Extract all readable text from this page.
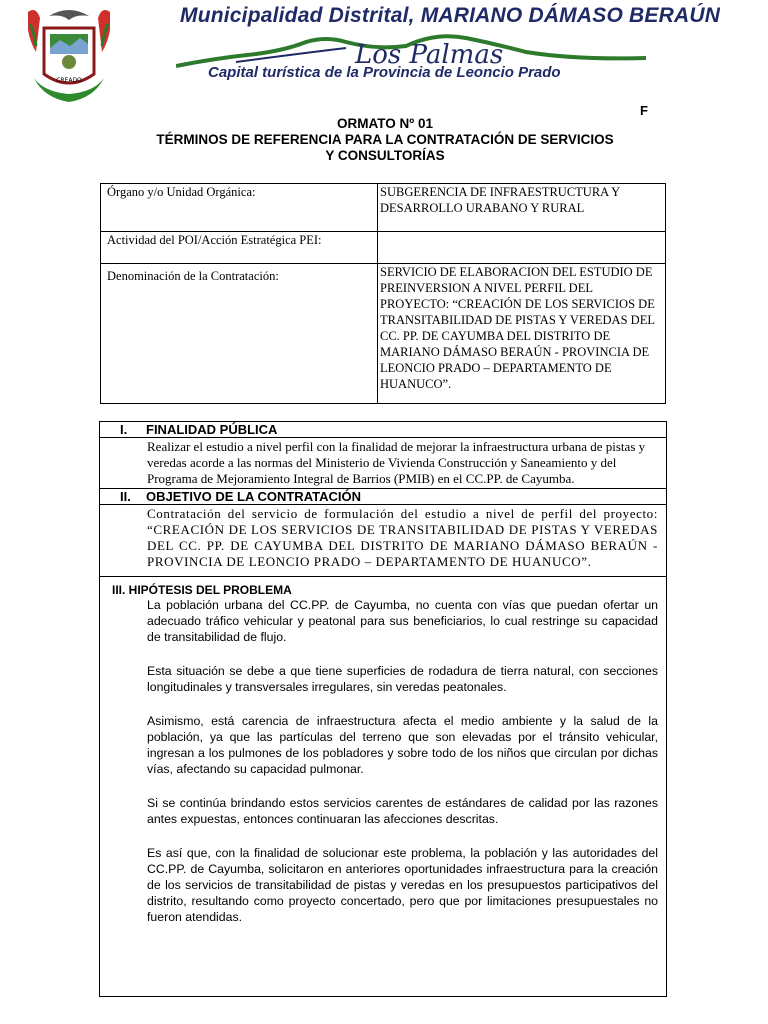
CREADO
Municipalidad Distrital, MARIANO DÁMASO BERAÚN
Los Palmas
Capital turística de la Provincia de Leoncio Prado
F
ORMATO Nº 01
TÉRMINOS DE REFERENCIA PARA LA CONTRATACIÓN DE SERVICIOS
Y CONSULTORÍAS
Órgano y/o Unidad Orgánica:	SUBGERENCIA DE INFRAESTRUCTURA Y DESARROLLO URABANO Y RURAL
Actividad del POI/Acción Estratégica PEI:	
Denominación de la Contratación:	SERVICIO DE ELABORACION DEL ESTUDIO DE PREINVERSION A NIVEL PERFIL DEL PROYECTO: “CREACIÓN DE LOS SERVICIOS DE TRANSITABILIDAD DE PISTAS Y VEREDAS DEL CC. PP. DE CAYUMBA DEL DISTRITO DE MARIANO DÁMASO BERAÚN - PROVINCIA DE LEONCIO PRADO – DEPARTAMENTO DE HUANUCO”.
I.	FINALIDAD PÚBLICA
Realizar el estudio a nivel perfil con la finalidad de mejorar la infraestructura urbana de pistas y veredas acorde a las normas del Ministerio de Vivienda Construcción y Saneamiento y del Programa de Mejoramiento Integral de Barrios (PMIB) en el CC.PP. de Cayumba.
II.	OBJETIVO DE LA CONTRATACIÓN
Contratación del servicio de formulación del estudio a nivel de perfil del proyecto: “CREACIÓN DE LOS SERVICIOS DE TRANSITABILIDAD DE PISTAS Y VEREDAS DEL CC. PP. DE CAYUMBA DEL DISTRITO DE MARIANO DÁMASO BERAÚN - PROVINCIA DE LEONCIO PRADO – DEPARTAMENTO DE HUANUCO”.
III. HIPÓTESIS DEL PROBLEMA

La población urbana del CC.PP. de Cayumba, no cuenta con vías que puedan ofertar un adecuado tráfico vehicular y peatonal para sus beneficiarios, lo cual restringe su capacidad de transitabilidad de flujo.

Esta situación se debe a que tiene superficies de rodadura de tierra natural, con secciones longitudinales y transversales irregulares, sin veredas peatonales.

Asimismo, está carencia de infraestructura afecta el medio ambiente y la salud de la población, ya que las partículas del terreno que son elevadas por el tránsito vehicular, ingresan a los pulmones de los pobladores y sobre todo de los niños que circulan por dichas vías, afectando su capacidad pulmonar.

Si se continúa brindando estos servicios carentes de estándares de calidad por las razones antes expuestas, entonces continuaran las afecciones descritas.

Es así que, con la finalidad de solucionar este problema, la población y las autoridades del CC.PP. de Cayumba, solicitaron en anteriores oportunidades infraestructura para la creación de los servicios de transitabilidad de pistas y veredas en los presupuestos participativos del distrito, resultando como proyecto concertado, pero que por limitaciones presupuestales no fueron atendidas.
